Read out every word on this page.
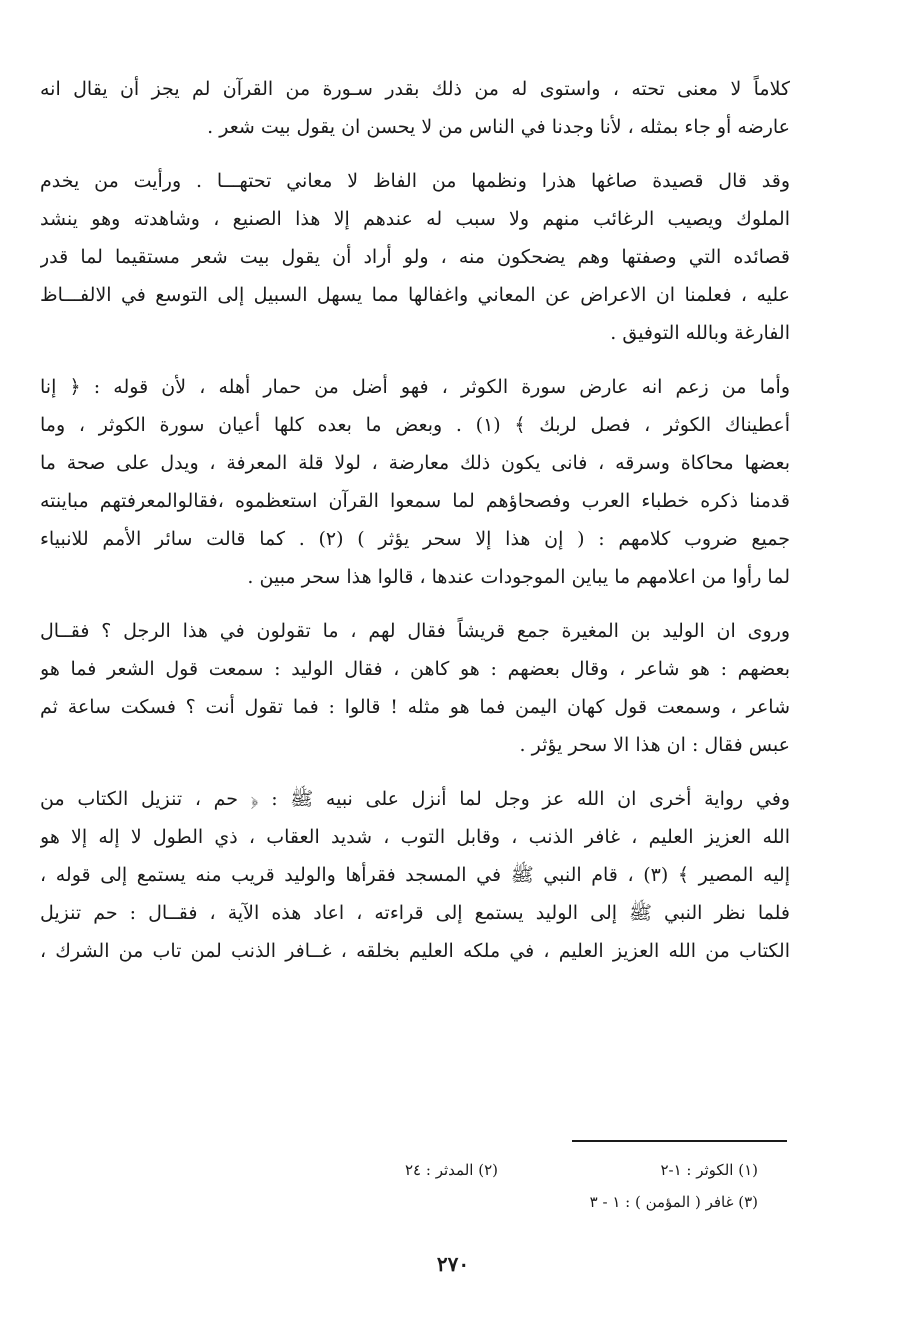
كلاماً لا معنى تحته ، واستوى له من ذلك بقدر سـورة من القرآن لم يجز أن يقال انه
عارضه أو جاء بمثله ، لأنا وجدنا في الناس من لا يحسن ان يقول بيت شعر .
وقد قال قصيدة صاغها هذرا ونظمها من الفاظ لا معاني تحتهـــا . ورأيت من يخدم
الملوك ويصيب الرغائب منهم ولا سبب له عندهم إلا هذا الصنيع ، وشاهدته وهو ينشد
قصائده التي وصفتها وهم يضحكون منه ، ولو أراد أن يقول بيت شعر مستقيما لما قدر
عليه ، فعلمنا ان الاعراض عن المعاني واغفالها مما يسهل السبيل إلى التوسع في الالفـــاظ
الفارغة وبالله التوفيق .
وأما من زعم انه عارض سورة الكوثر ، فهو أضل من حمار أهله ، لأن قوله : ﴿ إنا
أعطيناك الكوثر ، فصل لربك ﴾ (١) . وبعض ما بعده كلها أعيان سورة الكوثر ، وما
بعضها محاكاة وسرقه ، فانى يكون ذلك معارضة ، لولا قلة المعرفة ، ويدل على صحة ما
قدمنا ذكره خطباء العرب وفصحاؤهم لما سمعوا القرآن استعظموه ،فقالوالمعرفتهم مباينته
جميع ضروب كلامهم : ( إن هذا إلا سحر يؤثر ) (٢) . كما قالت سائر الأمم للانبياء
لما رأوا من اعلامهم ما يباين الموجودات عندها ، قالوا هذا سحر مبين .
وروى ان الوليد بن المغيرة جمع قريشاً فقال لهم ، ما تقولون في هذا الرجل ؟ فقــال
بعضهم : هو شاعر ، وقال بعضهم : هو كاهن ، فقال الوليد : سمعت قول الشعر فما هو
شاعر ، وسمعت قول كهان اليمن فما هو مثله ! قالوا : فما تقول أنت ؟ فسكت ساعة ثم
عبس فقال : ان هذا الا سحر يؤثر .
وفي رواية أخرى ان الله عز وجل لما أنزل على نبيه ﷺ : ﴿ حم ، تنزيل الكتاب من
الله العزيز العليم ، غافر الذنب ، وقابل التوب ، شديد العقاب ، ذي الطول لا إله إلا هو
إليه المصير ﴾ (٣) ، قام النبي ﷺ في المسجد فقرأها والوليد قريب منه يستمع إلى قوله ،
فلما نظر النبي ﷺ إلى الوليد يستمع إلى قراءته ، اعاد هذه الآية ، فقــال : حم تنزيل
الكتاب من الله العزيز العليم ، في ملكه العليم بخلقه ، غــافر الذنب لمن تاب من الشرك ،
(١) الكوثر : ١-٢
(٢) المدثر : ٢٤
(٣) غافر ( المؤمن ) : ١ - ٣
٢٧٠
